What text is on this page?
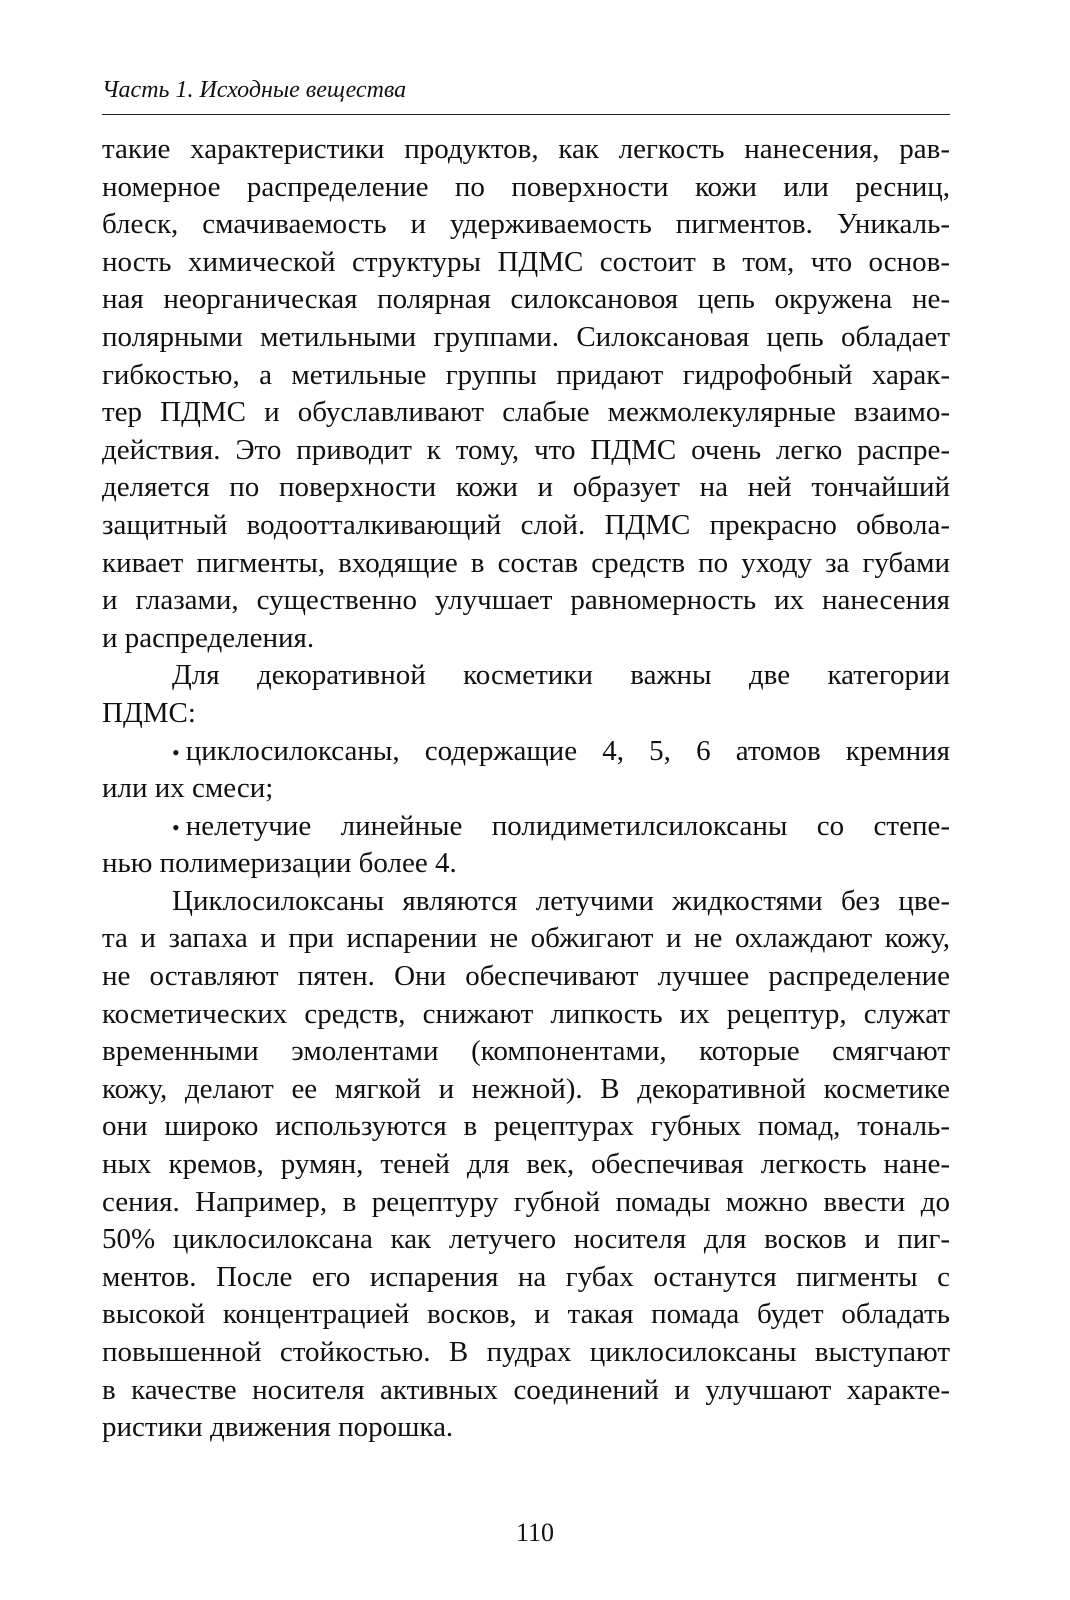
Часть 1. Исходные вещества
такие характеристики продуктов, как легкость нанесения, рав-
номерное распределение по поверхности кожи или ресниц,
блеск, смачиваемость и удерживаемость пигментов. Уникаль-
ность химической структуры ПДМС состоит в том, что основ-
ная неорганическая полярная силоксановоя цепь окружена не-
полярными метильными группами. Силоксановая цепь обладает
гибкостью, а метильные группы придают гидрофобный харак-
тер ПДМС и обуславливают слабые межмолекулярные взаимо-
действия. Это приводит к тому, что ПДМС очень легко распре-
деляется по поверхности кожи и образует на ней тончайший
защитный водоотталкивающий слой. ПДМС прекрасно обвола-
кивает пигменты, входящие в состав средств по уходу за губами
и глазами, существенно улучшает равномерность их нанесения
и распределения.
Для декоративной косметики важны две категории
ПДМС:
• циклосилоксаны, содержащие 4, 5, 6 атомов кремния
или их смеси;
• нелетучие линейные полидиметилсилоксаны со степе-
нью полимеризации более 4.
Циклосилоксаны являются летучими жидкостями без цве-
та и запаха и при испарении не обжигают и не охлаждают кожу,
не оставляют пятен. Они обеспечивают лучшее распределение
косметических средств, снижают липкость их рецептур, служат
временными эмолентами (компонентами, которые смягчают
кожу, делают ее мягкой и нежной). В декоративной косметике
они широко используются в рецептурах губных помад, тональ-
ных кремов, румян, теней для век, обеспечивая легкость нане-
сения. Например, в рецептуру губной помады можно ввести до
50% циклосилоксана как летучего носителя для восков и пиг-
ментов. После его испарения на губах останутся пигменты с
высокой концентрацией восков, и такая помада будет обладать
повышенной стойкостью. В пудрах циклосилоксаны выступают
в качестве носителя активных соединений и улучшают характе-
ристики движения порошка.
110
